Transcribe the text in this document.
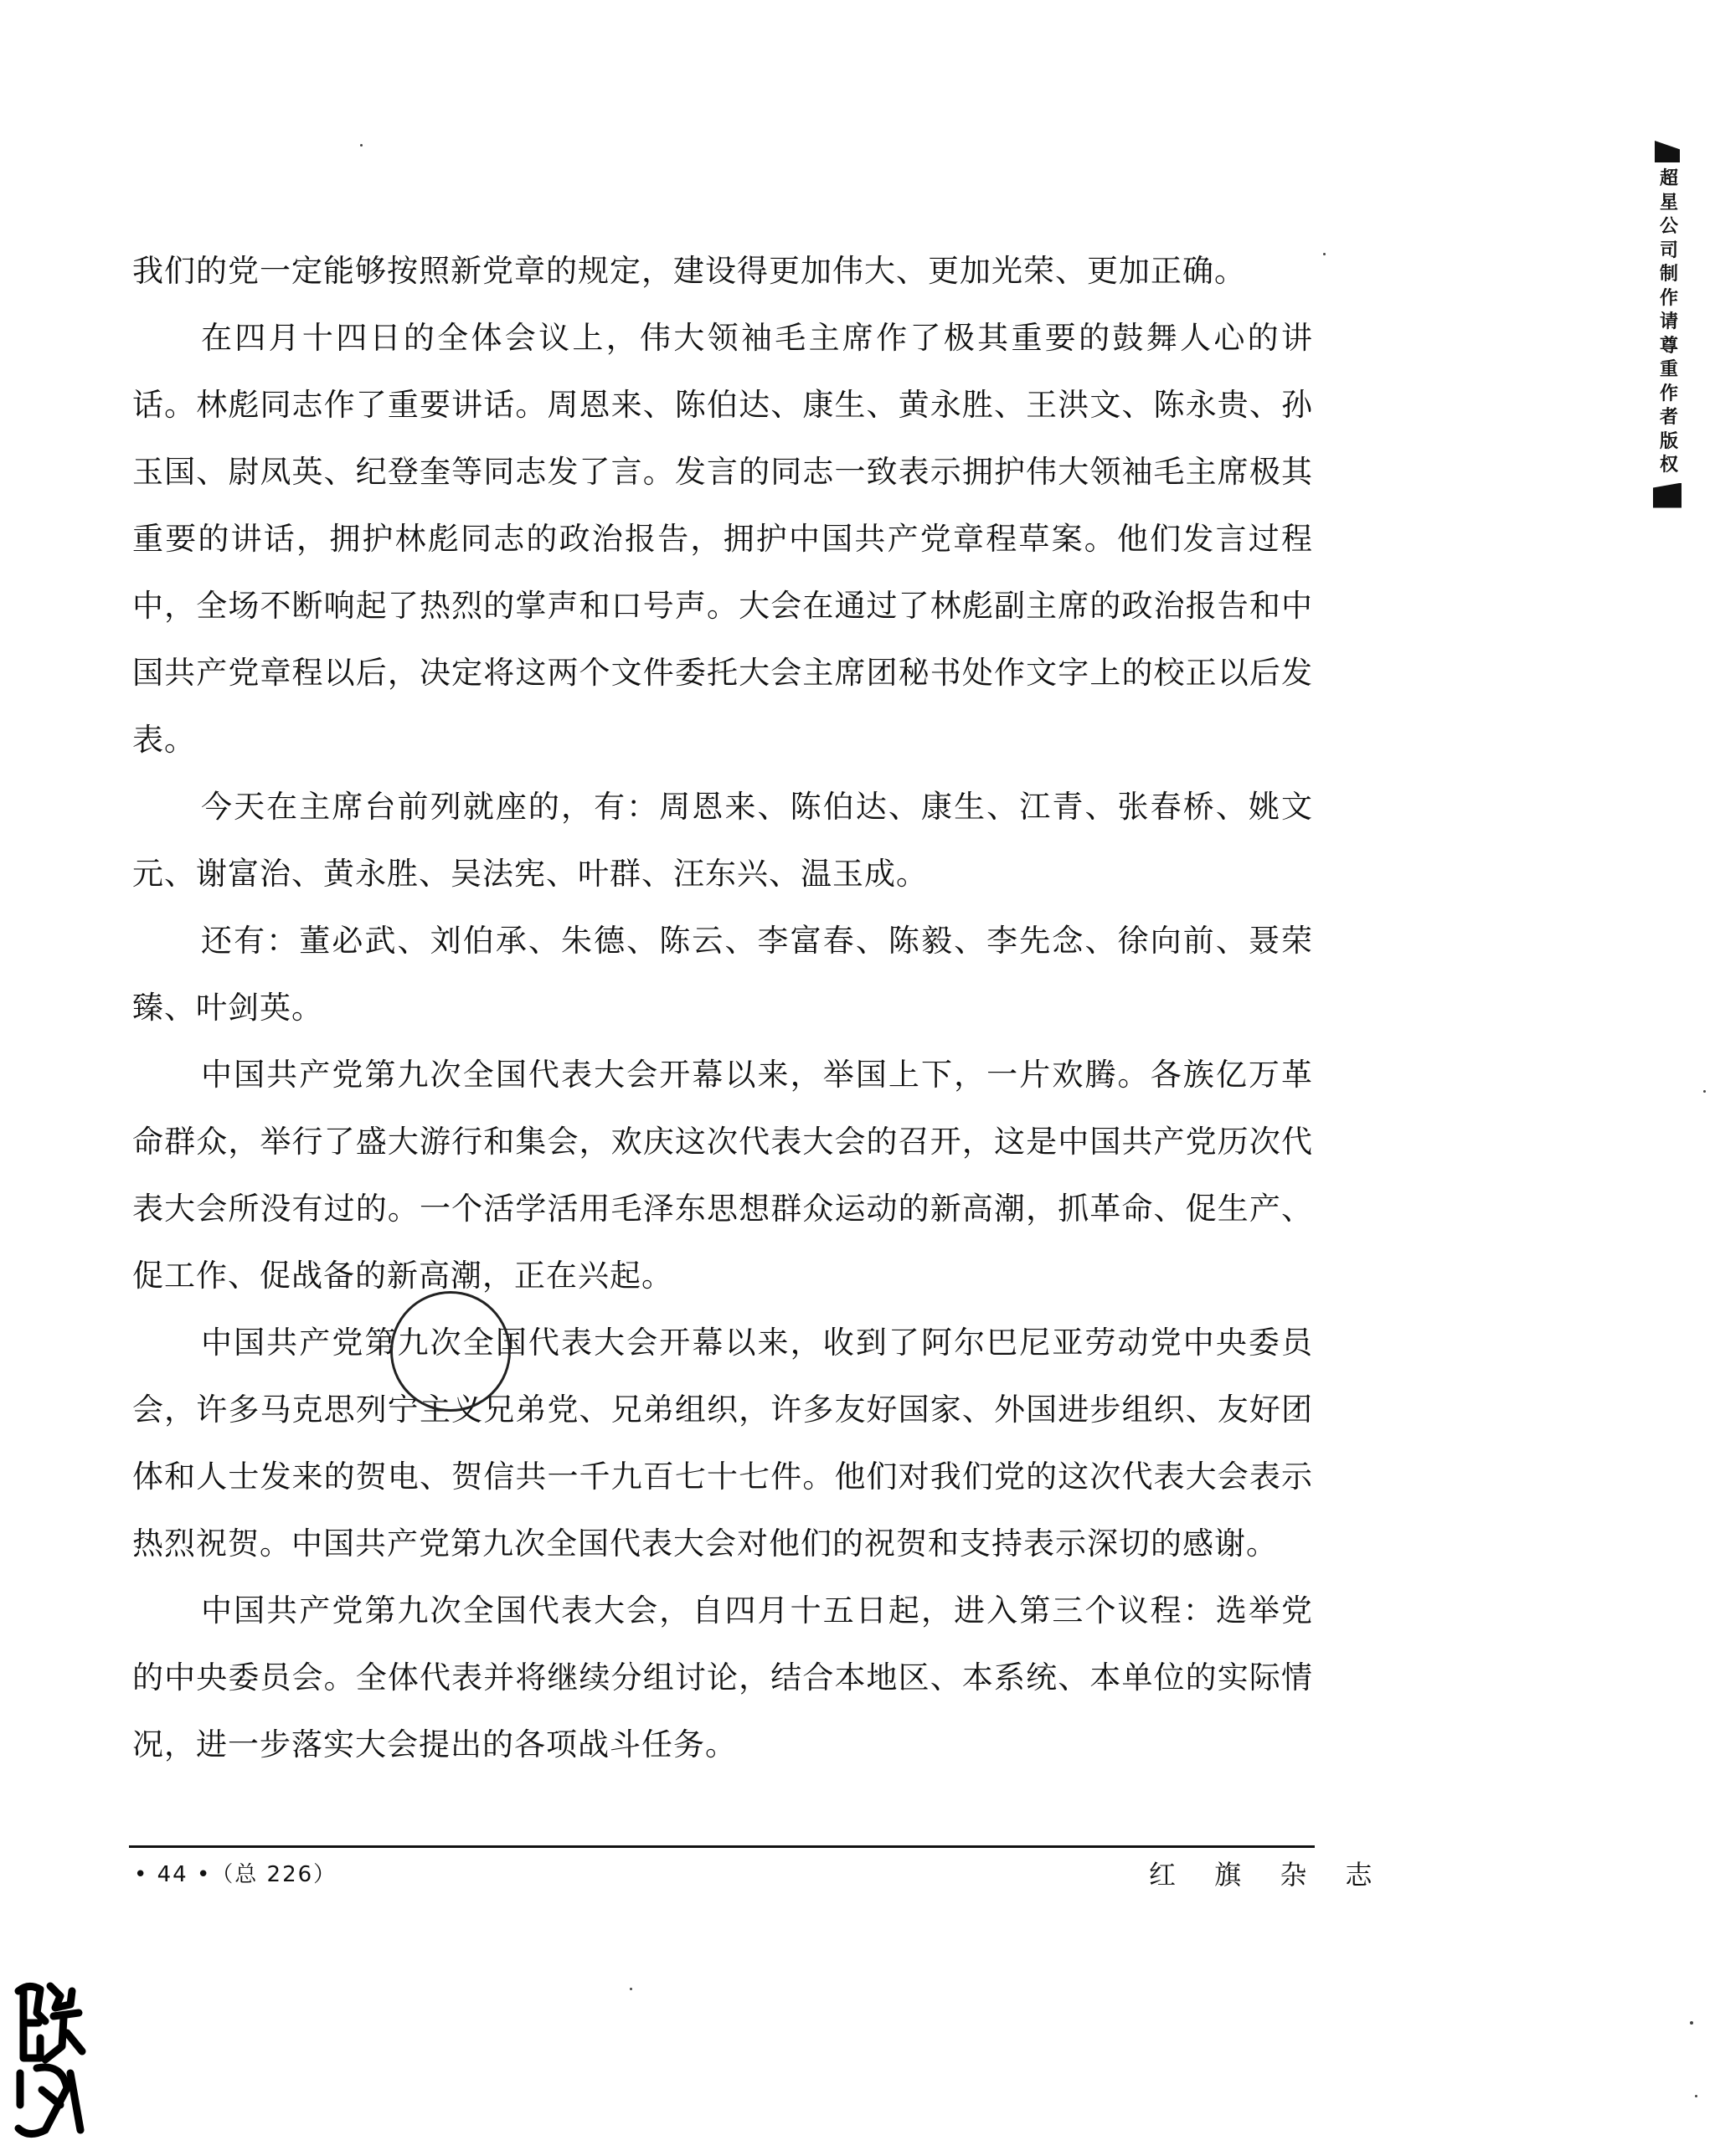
我们的党一定能够按照新党章的规定，建设得更加伟大、更加光荣、更加正确。

在四月十四日的全体会议上，伟大领袖毛主席作了极其重要的鼓舞人心的讲话。林彪同志作了重要讲话。周恩来、陈伯达、康生、黄永胜、王洪文、陈永贵、孙玉国、尉凤英、纪登奎等同志发了言。发言的同志一致表示拥护伟大领袖毛主席极其重要的讲话，拥护林彪同志的政治报告，拥护中国共产党章程草案。他们发言过程中，全场不断响起了热烈的掌声和口号声。大会在通过了林彪副主席的政治报告和中国共产党章程以后，决定将这两个文件委托大会主席团秘书处作文字上的校正以后发表。

今天在主席台前列就座的，有：周恩来、陈伯达、康生、江青、张春桥、姚文元、谢富治、黄永胜、吴法宪、叶群、汪东兴、温玉成。

还有：董必武、刘伯承、朱德、陈云、李富春、陈毅、李先念、徐向前、聂荣臻、叶剑英。

中国共产党第九次全国代表大会开幕以来，举国上下，一片欢腾。各族亿万革命群众，举行了盛大游行和集会，欢庆这次代表大会的召开，这是中国共产党历次代表大会所没有过的。一个活学活用毛泽东思想群众运动的新高潮，抓革命、促生产、促工作、促战备的新高潮，正在兴起。

中国共产党第九次全国代表大会开幕以来，收到了阿尔巴尼亚劳动党中央委员会，许多马克思列宁主义兄弟党、兄弟组织，许多友好国家、外国进步组织、友好团体和人士发来的贺电、贺信共一千九百七十七件。他们对我们党的这次代表大会表示热烈祝贺。中国共产党第九次全国代表大会对他们的祝贺和支持表示深切的感谢。

中国共产党第九次全国代表大会，自四月十五日起，进入第三个议程：选举党的中央委员会。全体代表并将继续分组讨论，结合本地区、本系统、本单位的实际情况，进一步落实大会提出的各项战斗任务。

• 44 •（总 226）	红 旗 杂 志
超星公司制作请尊重作者版权
